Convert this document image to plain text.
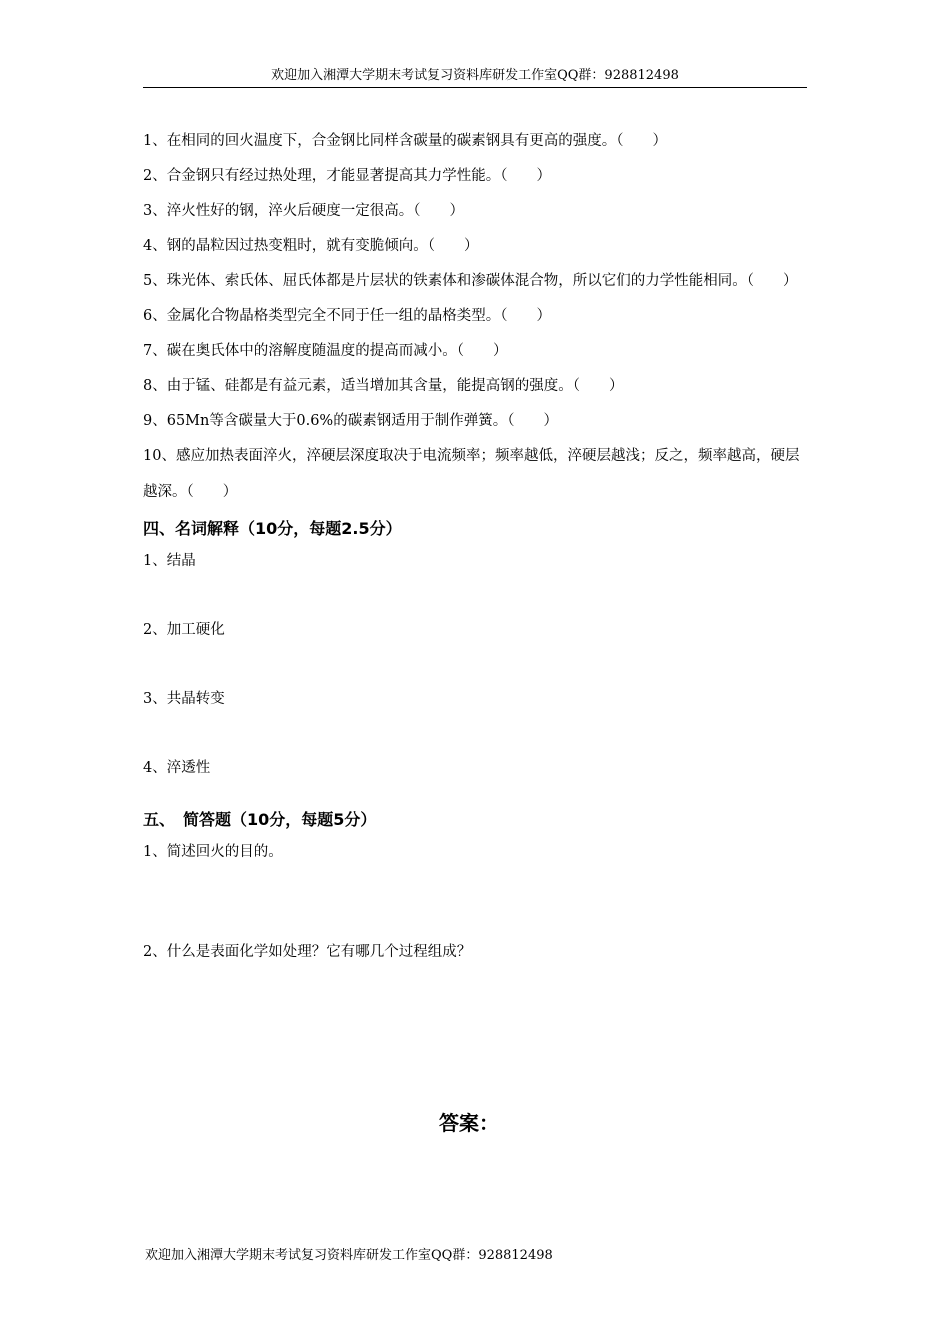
欢迎加入湘潭大学期末考试复习资料库研发工作室QQ群：928812498
1、在相同的回火温度下，合金钢比同样含碳量的碳素钢具有更高的强度。（　　）
2、合金钢只有经过热处理，才能显著提高其力学性能。（　　）
3、淬火性好的钢，淬火后硬度一定很高。（　　）
4、钢的晶粒因过热变粗时，就有变脆倾向。（　　）
5、珠光体、索氏体、屈氏体都是片层状的铁素体和渗碳体混合物，所以它们的力学性能相同。（　　）
6、金属化合物晶格类型完全不同于任一组的晶格类型。（　　）
7、碳在奥氏体中的溶解度随温度的提高而减小。（　　）
8、由于锰、硅都是有益元素，适当增加其含量，能提高钢的强度。（　　）
9、65Mn等含碳量大于0.6%的碳素钢适用于制作弹簧。（　　）
10、感应加热表面淬火，淬硬层深度取决于电流频率；频率越低，淬硬层越浅；反之，频率越高，硬层越深。（　　）
四、名词解释（10分，每题2.5分）
1、结晶
2、加工硬化
3、共晶转变
4、淬透性
五、　简答题（10分，每题5分）
1、简述回火的目的。
2、什么是表面化学如处理？它有哪几个过程组成？
答案：
欢迎加入湘潭大学期末考试复习资料库研发工作室QQ群：928812498
